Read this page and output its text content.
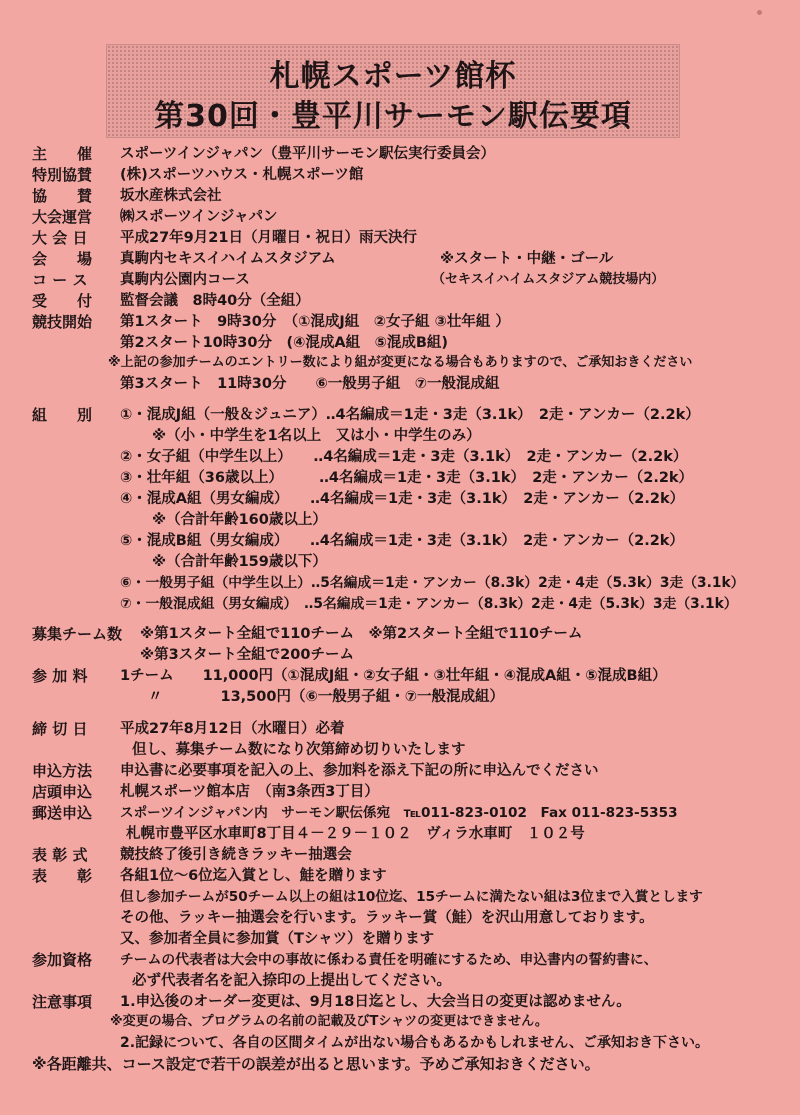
札幌スポーツ館杯
第30回・豊平川サーモン駅伝要項
主　　催 スポーツインジャパン（豊平川サーモン駅伝実行委員会）
特別協賛 (株)スポーツハウス・札幌スポーツ館
協　　賛 坂水産株式会社
大会運営 ㈱スポーツインジャパン
大 会 日 平成27年9月21日（月曜日・祝日）雨天決行
会　　場 真駒内セキスイハイムスタジアム	※スタート・中継・ゴール
コ ー ス 真駒内公園内コース	（セキスイハイムスタジアム競技場内）
受　　付 監督会議　8時40分（全組）
競技開始 第1スタート　9時30分　（①混成J組　②女子組 ③壮年組 ）
第2スタート10時30分　(④混成A組　⑤混成B組)
※上記の参加チームのエントリー数により組が変更になる場合もありますので、ご承知おきください
第3スタート　11時30分　　⑥一般男子組　⑦一般混成組
組　　別 ①・混成J組（一般＆ジュニア）‥4名編成＝1走・3走（3.1k）　2走・アンカー（2.2k）
※（小・中学生を1名以上　又は小・中学生のみ）
②・女子組（中学生以上）　　‥4名編成＝1走・3走（3.1k）　2走・アンカー（2.2k）
③・壮年組（36歳以上）　　　‥4名編成＝1走・3走（3.1k）　2走・アンカー（2.2k）
④・混成A組（男女編成）　　‥4名編成＝1走・3走（3.1k）　2走・アンカー（2.2k）
※（合計年齢160歳以上）
⑤・混成B組（男女編成）　　‥4名編成＝1走・3走（3.1k）　2走・アンカー（2.2k）
※（合計年齢159歳以下）
⑥・一般男子組（中学生以上）‥5名編成＝1走・アンカー（8.3k）2走・4走（5.3k）3走（3.1k）
⑦・一般混成組（男女編成）　‥5名編成＝1走・アンカー（8.3k）2走・4走（5.3k）3走（3.1k）
募集チーム数 ※第1スタート全組で110チーム　※第2スタート全組で110チーム
※第3スタート全組で200チーム
参 加 料 1チーム　　11,000円（①混成J組・②女子組・③壮年組・④混成A組・⑤混成B組）
〃　　　　13,500円（⑥一般男子組・⑦一般混成組）
締 切 日 平成27年8月12日（水曜日）必着
但し、募集チーム数になり次第締め切りいたします
申込方法 申込書に必要事項を記入の上、参加料を添え下記の所に申込んでください
店頭申込 札幌スポーツ館本店　（南3条西3丁目）
郵送申込 スポーツインジャパン内　サーモン駅伝係宛　℡011-823-0102　Fax 011-823-5353
札幌市豊平区水車町8丁目４－２９－１０２　ヴィラ水車町　１０２号
表 彰 式 競技終了後引き続きラッキー抽選会
表　　彰 各組1位～6位迄入賞とし、鮭を贈ります
但し参加チームが50チーム以上の組は10位迄、15チームに満たない組は3位まで入賞とします
その他、ラッキー抽選会を行います。ラッキー賞（鮭）を沢山用意しております。
又、参加者全員に参加賞（Tシャツ）を贈ります
参加資格 チームの代表者は大会中の事故に係わる責任を明確にするため、申込書内の誓約書に、
必ず代表者名を記入捺印の上提出してください。
注意事項 1.申込後のオーダー変更は、9月18日迄とし、大会当日の変更は認めません。
※変更の場合、プログラムの名前の記載及びTシャツの変更はできません。
2.記録について、各自の区間タイムが出ない場合もあるかもしれません、ご承知おき下さい。
※各距離共、コース設定で若干の誤差が出ると思います。予めご承知おきください。
